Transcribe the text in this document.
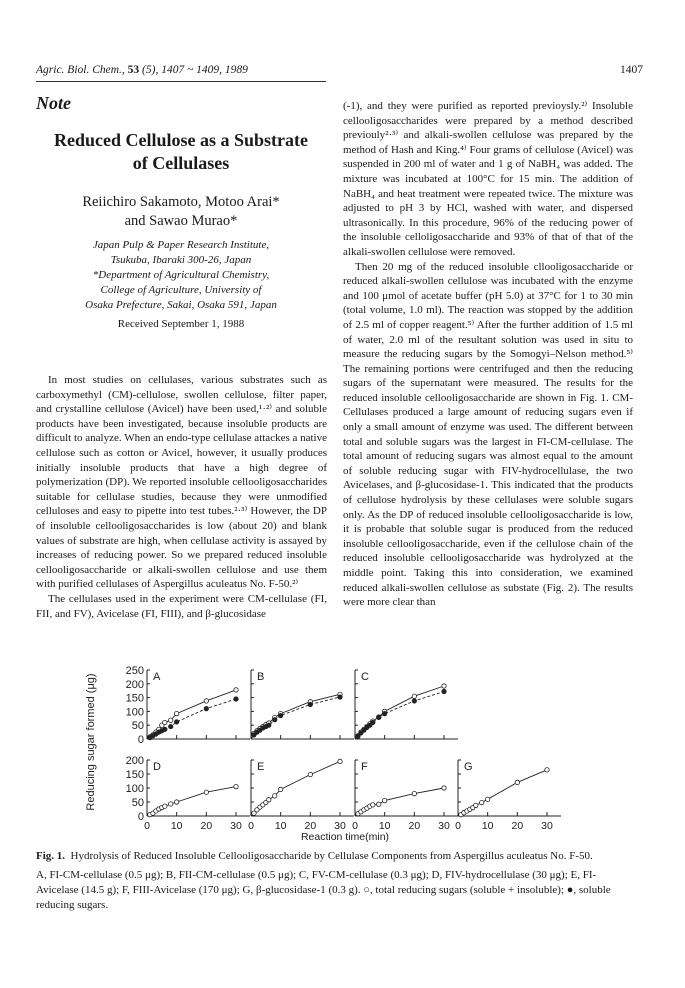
Agric. Biol. Chem., 53 (5), 1407 ~ 1409, 1989	1407
Note
Reduced Cellulose as a Substrate
of Cellulases
Reiichiro Sakamoto, Motoo Arai*
and Sawao Murao*
Japan Pulp & Paper Research Institute,
Tsukuba, Ibaraki 300-26, Japan
*Department of Agricultural Chemistry,
College of Agriculture, University of
Osaka Prefecture, Sakai, Osaka 591, Japan
Received September 1, 1988

In most studies on cellulases, various substrates such as carboxymethyl (CM)-cellulose, swollen cellulose, filter paper, and crystalline cellulose (Avicel) have been used,¹·²⁾ and soluble products have been investigated, because insoluble products are difficult to analyze. When an endo-type cellulase attackes a native cellulose such as cotton or Avicel, however, it usually produces initially insoluble products that have a high degree of polymerization (DP). We reported insoluble cellooligosaccharides suitable for cellulase studies, because they were unmodified celluloses and easy to pipette into test tubes.²·³⁾ However, the DP of insoluble cellooligosaccharides is low (about 20) and blank values of substrate are high, when cellulase activity is assayed by increases of reducing power. So we prepared reduced insoluble cellooligosaccharide or alkali-swollen cellulose and use them with purified cellulases of Aspergillus aculeatus No. F-50.²⁾

The cellulases used in the experiment were CM-cellulase (FI, FII, and FV), Avicelase (FI, FIII), and β-glucosidase

(-1), and they were purified as reported previoysly.²⁾ Insoluble cellooligosaccharides were prepared by a method described previouly²·³⁾ and alkali-swollen cellulose was prepared by the method of Hash and King.⁴⁾ Four grams of cellulose (Avicel) was suspended in 200 ml of water and 1 g of NaBH₄ was added. The mixture was incubated at 100°C for 15 min. The addition of NaBH₄ and heat treatment were repeated twice. The mixture was adjusted to pH 3 by HCl, washed with water, and dispersed ultrasonically. In this procedure, 96% of the reducing power of the insoluble celloligosaccharide and 93% of that of that of the alkali-swollen cellulose were removed.

Then 20 mg of the reduced insoluble cllooligosaccharide or reduced alkali-swollen cellulose was incubated with the enzyme and 100 μmol of acetate buffer (pH 5.0) at 37°C for 1 to 30 min (total volume, 1.0 ml). The reaction was stopped by the addition of 2.5 ml of copper reagent.⁵⁾ After the further addition of 1.5 ml of water, 2.0 ml of the resultant solution was used in situ to measure the reducing sugars by the Somogyi–Nelson method.⁵⁾ The remaining portions were centrifuged and then the reducing sugars of the supernatant were measured. The results for the reduced insoluble cellooligosaccharide are shown in Fig. 1. CM-Cellulases produced a large amount of reducing sugars even if only a small amount of enzyme was used. The different between total and soluble sugars was the largest in FI-CM-cellulase. The total amount of reducing sugars was almost equal to the amount of soluble reducing sugar with FIV-hydrocellulase, the two Avicelases, and β-glucosidase-1. This indicated that the products of cellulose hydrolysis by these cellulases were soluble sugars only. As the DP of reduced insoluble cellooligosaccharide is low, it is probable that soluble sugar is produced from the reduced insoluble cellooligosaccharide, even if the cellulose chain of the reduced insoluble cellooligosaccharide was hydrolyzed at the middle point. Taking this into consideration, we examined reduced alkali-swollen cellulose as substate (Fig. 2). The results were more clear than

A	B	C
D	E	F	G
0
50
100
150
200
250
0
50
100
150
200
0 10 20 30 0 10 20 30 0 10 20 30 0 10 20 30
Reaction time(min)
Reducing sugar formed (μg)

Fig. 1. Hydrolysis of Reduced Insoluble Cellooligosaccharide by Cellulase Components from Aspergillus aculeatus No. F-50.

A, FI-CM-cellulase (0.5 μg); B, FII-CM-cellulase (0.5 μg); C, FV-CM-cellulase (0.3 μg); D, FIV-hydrocellulase (30 μg); E, FI-Avicelase (14.5 g); F, FIII-Avicelase (170 μg); G, β-glucosidase-1 (0.3 g). ○, total reducing sugars (soluble + insoluble); ●, soluble reducing sugars.
